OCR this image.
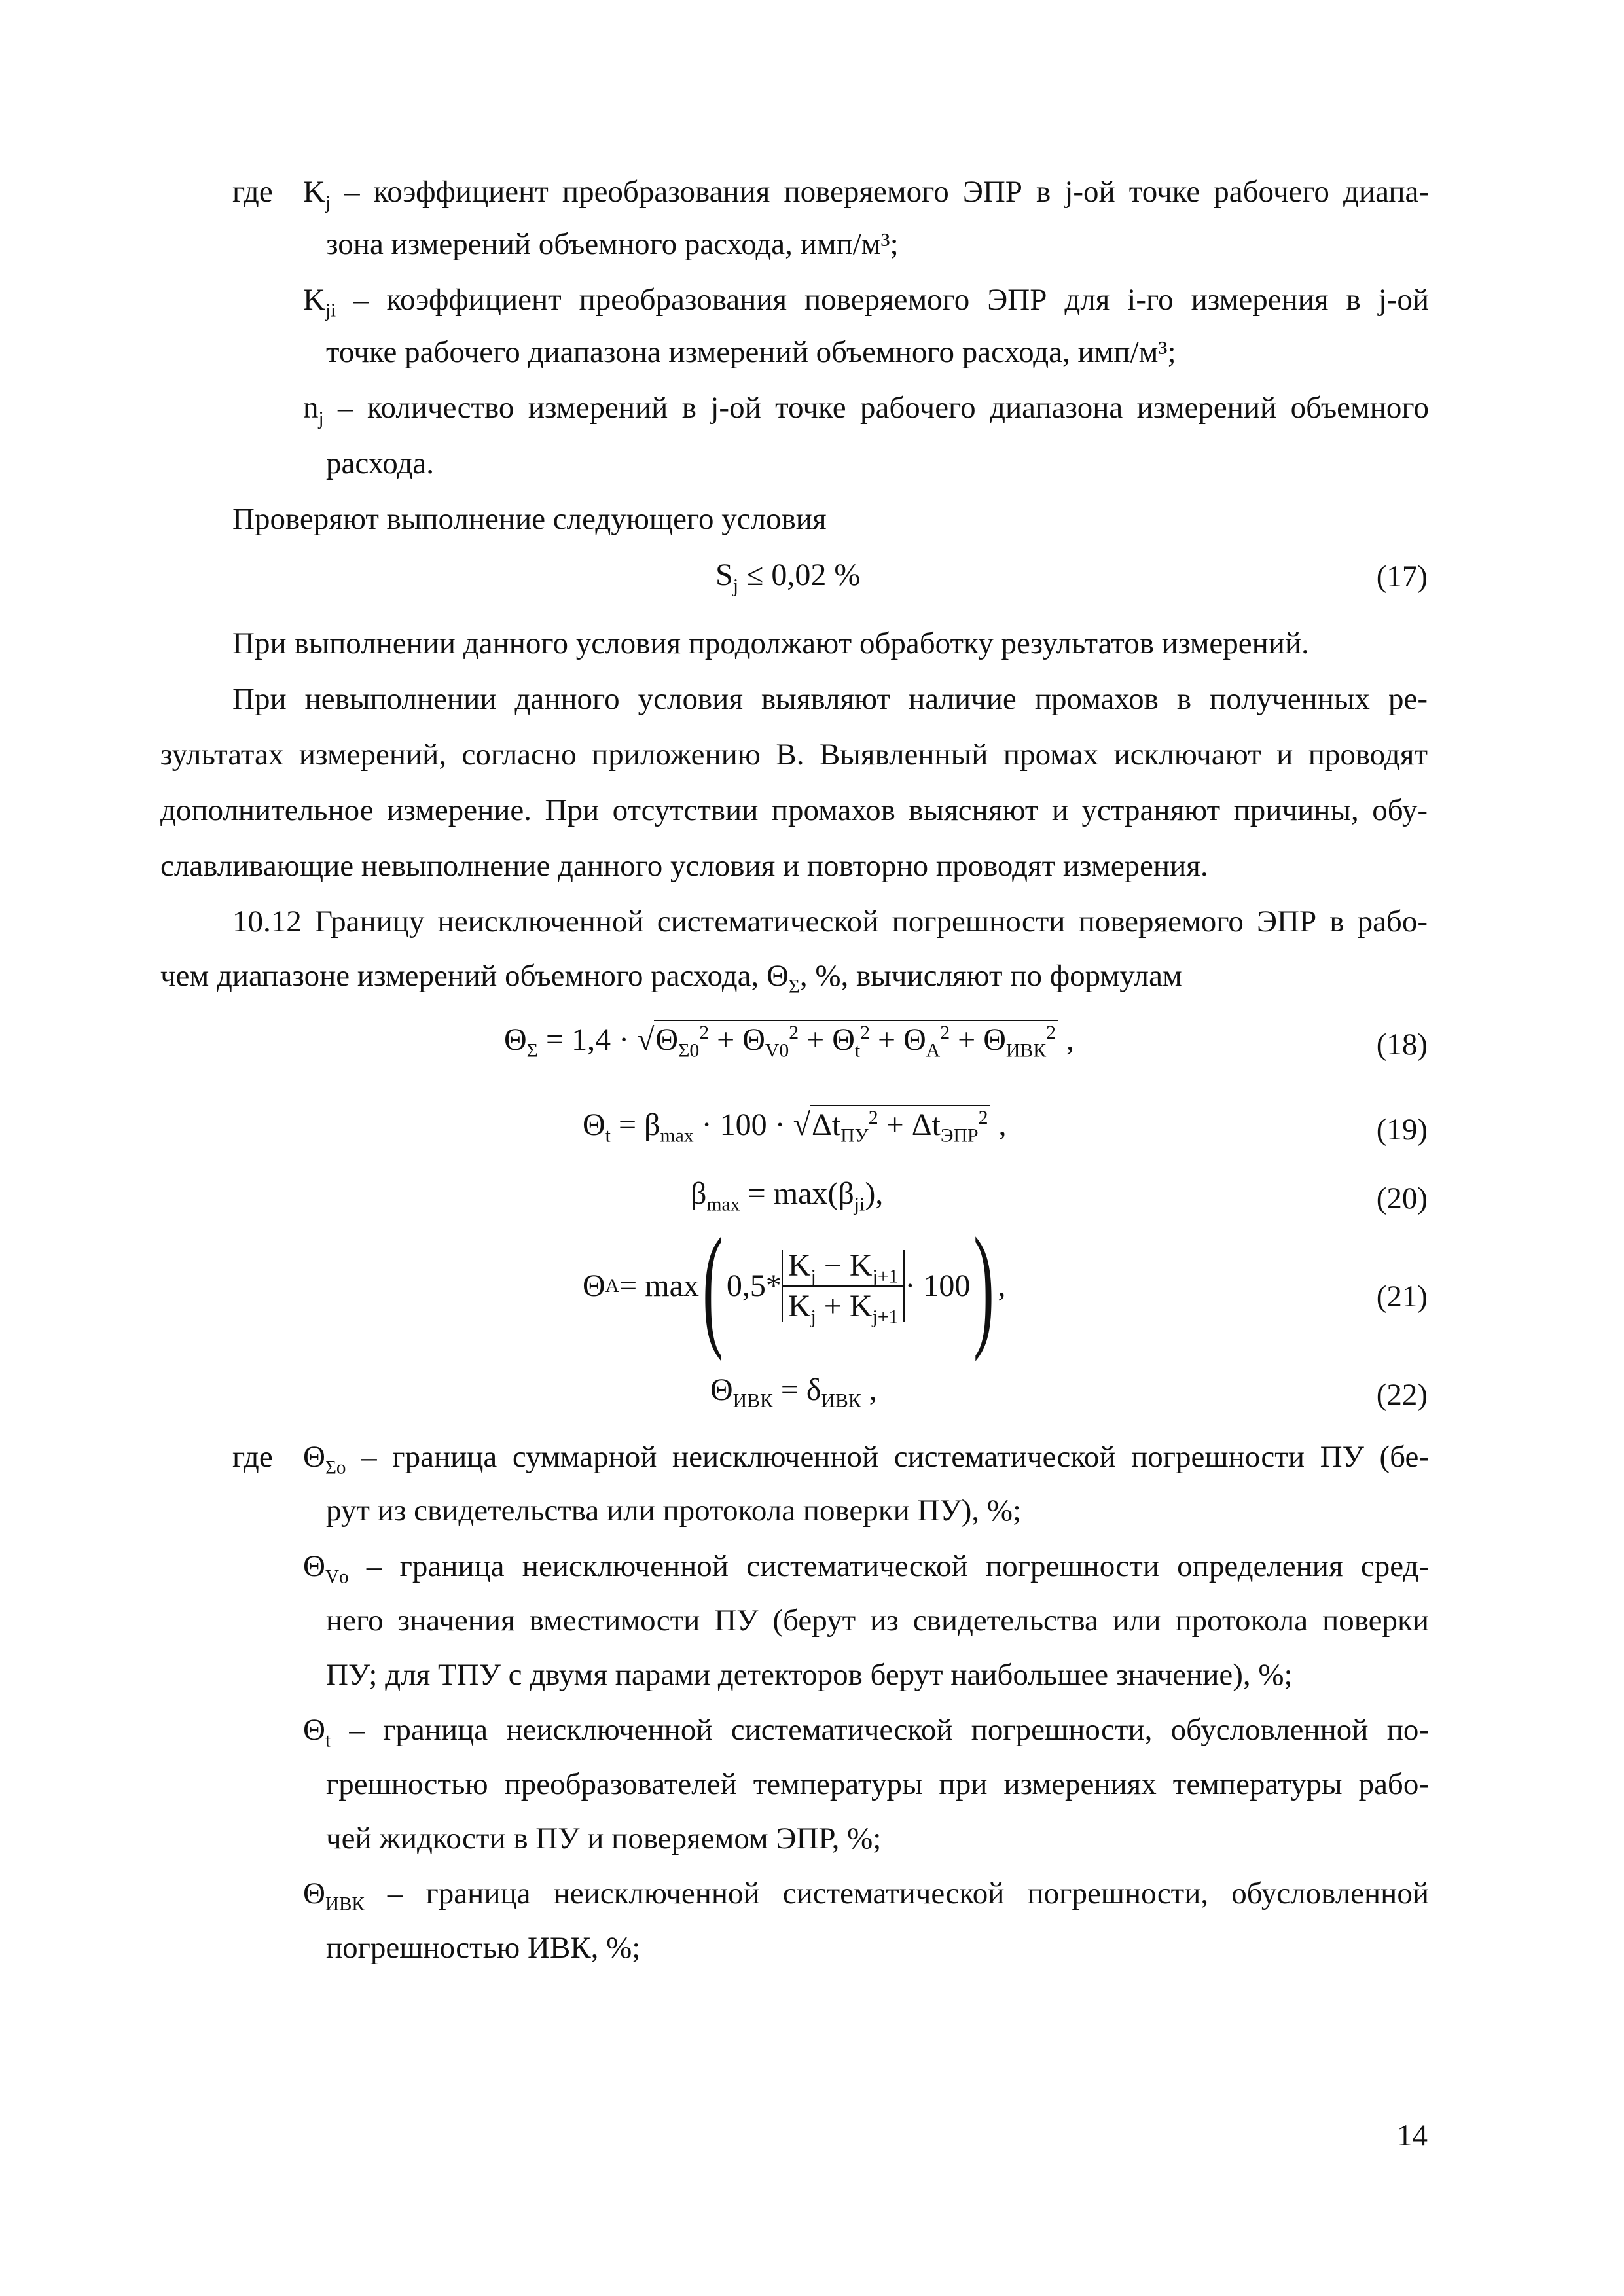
где $K_j$ – коэффициент преобразования поверяемого ЭПР в j-ой точке рабочего диапа-
зона измерений объемного расхода, имп/м³;
$K_{ji}$ – коэффициент преобразования поверяемого ЭПР для i-го измерения в j-ой
точке рабочего диапазона измерений объемного расхода, имп/м³;
$n_j$ – количество измерений в j-ой точке рабочего диапазона измерений объемного
расхода.
Проверяют выполнение следующего условия
$S_j \le 0,02$ %	(17)
При выполнении данного условия продолжают обработку результатов измерений.
При невыполнении данного условия выявляют наличие промахов в полученных ре-
зультатах измерений, согласно приложению В. Выявленный промах исключают и проводят
дополнительное измерение. При отсутствии промахов выясняют и устраняют причины, обу-
славливающие невыполнение данного условия и повторно проводят измерения.
10.12 Границу неисключенной систематической погрешности поверяемого ЭПР в рабо-
чем диапазоне измерений объемного расхода, $\Theta_\Sigma$, %, вычисляют по формулам
$\Theta_\Sigma = 1,4 \cdot √\Theta_{\Sigma 0}^2 + \Theta_{V0}^2 + \Theta_t^2 + \Theta_A^2 + \Theta_{ИВК}^2$ ,	(18)
$\Theta_t = \beta_{max} \cdot 100 \cdot √\Delta t_{ПУ}^2 + \Delta t_{ЭПР}^2$ ,	(19)
$\beta_{max} = \max(\beta_{ji})$,	(20)
Θ A = max ( $0,5* \frac{K_j - K_{j+1}}{K_j + K_{j+1}} \cdot 100$ ) ,	(21)
$\Theta_{ИВК} = \delta_{ИВК}$ ,	(22)
где $\Theta_{\Sigma о}$ – граница суммарной неисключенной систематической погрешности ПУ (бе-
рут из свидетельства или протокола поверки ПУ), %;
$\Theta_{Vо}$ – граница неисключенной систематической погрешности определения сред-
него значения вместимости ПУ (берут из свидетельства или протокола поверки
ПУ; для ТПУ с двумя парами детекторов берут наибольшее значение), %;
$\Theta_t$ – граница неисключенной систематической погрешности, обусловленной по-
грешностью преобразователей температуры при измерениях температуры рабо-
чей жидкости в ПУ и поверяемом ЭПР, %;
$\Theta_{ИВК}$ – граница неисключенной систематической погрешности, обусловленной
погрешностью ИВК, %;
14
